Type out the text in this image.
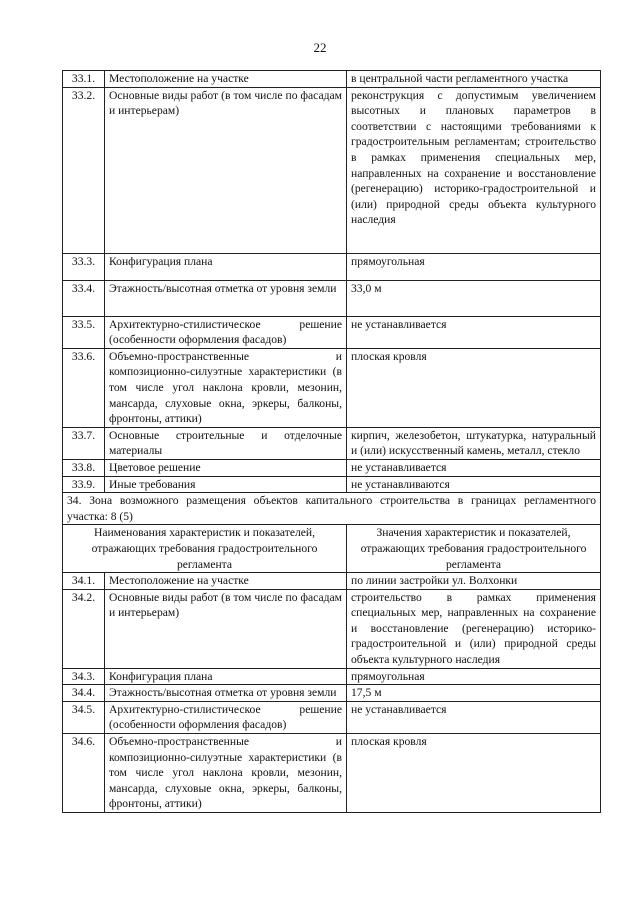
22
33.1.	Местоположение на участке	в центральной части регламентного участка
33.2.	Основные виды работ (в том числе по фасадам и интерьерам)	реконструкция с допустимым увеличением высотных и плановых параметров в соответствии с настоящими требованиями к градостроительным регламентам; строительство в рамках применения специальных мер, направленных на сохранение и восстановление (регенерацию) историко-градостроительной и (или) природной среды объекта культурного наследия
33.3.	Конфигурация плана	прямоугольная
33.4.	Этажность/высотная отметка от уровня земли	33,0 м
33.5.	Архитектурно-стилистическое решение (особенности оформления фасадов)	не устанавливается
33.6.	Объемно-пространственные и композиционно-силуэтные характеристики (в том числе угол наклона кровли, мезонин, мансарда, слуховые окна, эркеры, балконы, фронтоны, аттики)	плоская кровля
33.7.	Основные строительные и отделочные материалы	кирпич, железобетон, штукатурка, натуральный и (или) искусственный камень, металл, стекло
33.8.	Цветовое решение	не устанавливается
33.9.	Иные требования	не устанавливаются
34. Зона возможного размещения объектов капитального строительства в границах регламентного участка: 8 (5)		
Наименования характеристик и показателей, отражающих требования градостроительного регламента		Значения характеристик и показателей, отражающих требования градостроительного регламента
34.1.	Местоположение на участке	по линии застройки ул. Волхонки
34.2.	Основные виды работ (в том числе по фасадам и интерьерам)	строительство в рамках применения специальных мер, направленных на сохранение и восстановление (регенерацию) историко-градостроительной и (или) природной среды объекта культурного наследия
34.3.	Конфигурация плана	прямоугольная
34.4.	Этажность/высотная отметка от уровня земли	17,5 м
34.5.	Архитектурно-стилистическое решение (особенности оформления фасадов)	не устанавливается
34.6.	Объемно-пространственные и композиционно-силуэтные характеристики (в том числе угол наклона кровли, мезонин, мансарда, слуховые окна, эркеры, балконы, фронтоны, аттики)	плоская кровля
